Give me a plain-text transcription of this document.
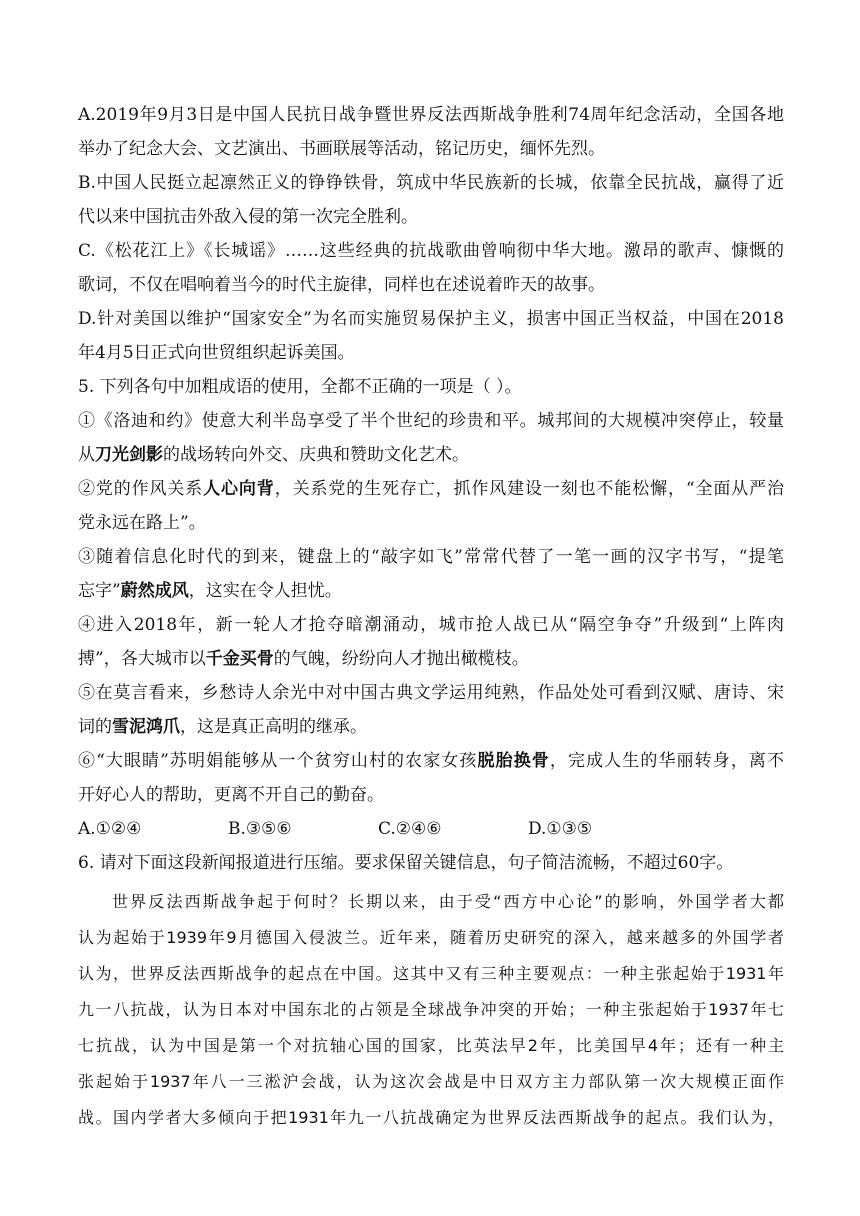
A.2019年9月3日是中国人民抗日战争暨世界反法西斯战争胜利74周年纪念活动，全国各地
举办了纪念大会、文艺演出、书画联展等活动，铭记历史，缅怀先烈。
B.中国人民挺立起凛然正义的铮铮铁骨，筑成中华民族新的长城，依靠全民抗战，赢得了近
代以来中国抗击外敌入侵的第一次完全胜利。
C.《松花江上》《长城谣》……这些经典的抗战歌曲曾响彻中华大地。激昂的歌声、慷慨的
歌词，不仅在唱响着当今的时代主旋律，同样也在述说着昨天的故事。
D.针对美国以维护“国家安全”为名而实施贸易保护主义，损害中国正当权益，中国在2018
年4月5日正式向世贸组织起诉美国。
5. 下列各句中加粗成语的使用，全都不正确的一项是（ ）。
①《洛迪和约》使意大利半岛享受了半个世纪的珍贵和平。城邦间的大规模冲突停止，较量
从刀光剑影的战场转向外交、庆典和赞助文化艺术。
②党的作风关系人心向背，关系党的生死存亡，抓作风建设一刻也不能松懈，“全面从严治
党永远在路上”。
③随着信息化时代的到来，键盘上的“敲字如飞”常常代替了一笔一画的汉字书写，“提笔
忘字”蔚然成风，这实在令人担忧。
④进入2018年，新一轮人才抢夺暗潮涌动，城市抢人战已从“隔空争夺”升级到“上阵肉
搏”，各大城市以千金买骨的气魄，纷纷向人才抛出橄榄枝。
⑤在莫言看来，乡愁诗人余光中对中国古典文学运用纯熟，作品处处可看到汉赋、唐诗、宋
词的雪泥鸿爪，这是真正高明的继承。
⑥“大眼睛”苏明娟能够从一个贫穷山村的农家女孩脱胎换骨，完成人生的华丽转身，离不
开好心人的帮助，更离不开自己的勤奋。
A.①②④	B.③⑤⑥	C.②④⑥	D.①③⑤
6. 请对下面这段新闻报道进行压缩。要求保留关键信息，句子简洁流畅，不超过60字。
世界反法西斯战争起于何时？长期以来，由于受“西方中心论”的影响，外国学者大都
认为起始于1939年9月德国入侵波兰。近年来，随着历史研究的深入，越来越多的外国学者
认为，世界反法西斯战争的起点在中国。这其中又有三种主要观点：一种主张起始于1931年
九一八抗战，认为日本对中国东北的占领是全球战争冲突的开始；一种主张起始于1937年七
七抗战，认为中国是第一个对抗轴心国的国家，比英法早2年，比美国早4年；还有一种主
张起始于1937年八一三淞沪会战，认为这次会战是中日双方主力部队第一次大规模正面作
战。国内学者大多倾向于把1931年九一八抗战确定为世界反法西斯战争的起点。我们认为，
